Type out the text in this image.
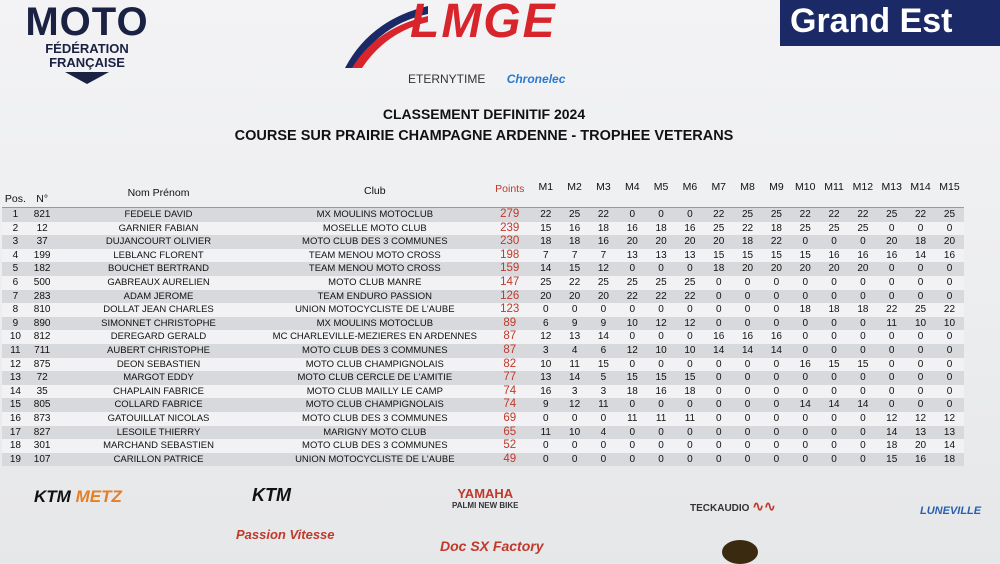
MOTO
FÉDÉRATION
FRANÇAISE
LMGE
ETERNYTIME Chronelec
Grand Est
CLASSEMENT DEFINITIF 2024
COURSE SUR PRAIRIE CHAMPAGNE ARDENNE - TROPHEE VETERANS
Pos.	N°	Nom Prénom	Club	Points	M1	M2	M3	M4	M5	M6	M7	M8	M9	M10	M11	M12	M13	M14	M15
1	821	FEDELE DAVID	MX MOULINS MOTOCLUB	279	22	25	22	0	0	0	22	25	25	22	22	22	25	22	25
2	12	GARNIER FABIAN	MOSELLE MOTO CLUB	239	15	16	18	16	18	16	25	22	18	25	25	25	0	0	0
3	37	DUJANCOURT OLIVIER	MOTO CLUB DES 3 COMMUNES	230	18	18	16	20	20	20	20	18	22	0	0	0	20	18	20
4	199	LEBLANC FLORENT	TEAM MENOU MOTO CROSS	198	7	7	7	13	13	13	15	15	15	15	16	16	16	14	16
5	182	BOUCHET BERTRAND	TEAM MENOU MOTO CROSS	159	14	15	12	0	0	0	18	20	20	20	20	20	0	0	0
6	500	GABREAUX AURELIEN	MOTO CLUB MANRE	147	25	22	25	25	25	25	0	0	0	0	0	0	0	0	0
7	283	ADAM JEROME	TEAM ENDURO PASSION	126	20	20	20	22	22	22	0	0	0	0	0	0	0	0	0
8	810	DOLLAT JEAN CHARLES	UNION MOTOCYCLISTE DE L'AUBE	123	0	0	0	0	0	0	0	0	0	18	18	18	22	25	22
9	890	SIMONNET CHRISTOPHE	MX MOULINS MOTOCLUB	89	6	9	9	10	12	12	0	0	0	0	0	0	11	10	10
10	812	DEREGARD GERALD	MC CHARLEVILLE-MEZIERES EN ARDENNES	87	12	13	14	0	0	0	16	16	16	0	0	0	0	0	0
11	711	AUBERT CHRISTOPHE	MOTO CLUB DES 3 COMMUNES	87	3	4	6	12	10	10	14	14	14	0	0	0	0	0	0
12	875	DEON SEBASTIEN	MOTO CLUB CHAMPIGNOLAIS	82	10	11	15	0	0	0	0	0	0	16	15	15	0	0	0
13	72	MARGOT EDDY	MOTO CLUB CERCLE DE L'AMITIE	77	13	14	5	15	15	15	0	0	0	0	0	0	0	0	0
14	35	CHAPLAIN FABRICE	MOTO CLUB MAILLY LE CAMP	74	16	3	3	18	16	18	0	0	0	0	0	0	0	0	0
15	805	COLLARD FABRICE	MOTO CLUB CHAMPIGNOLAIS	74	9	12	11	0	0	0	0	0	0	14	14	14	0	0	0
16	873	GATOUILLAT NICOLAS	MOTO CLUB DES 3 COMMUNES	69	0	0	0	11	11	11	0	0	0	0	0	0	12	12	12
17	827	LESOILE THIERRY	MARIGNY MOTO CLUB	65	11	10	4	0	0	0	0	0	0	0	0	0	14	13	13
18	301	MARCHAND SEBASTIEN	MOTO CLUB DES 3 COMMUNES	52	0	0	0	0	0	0	0	0	0	0	0	0	18	20	14
19	107	CARILLON PATRICE	UNION MOTOCYCLISTE DE L'AUBE	49	0	0	0	0	0	0	0	0	0	0	0	0	15	16	18
KTM METZ	KTM	YAMAHA
PALMI NEW BIKE	TECKAUDIO ∿∿	LUNEVILLE
Passion Vitesse
Doc SX Factory
